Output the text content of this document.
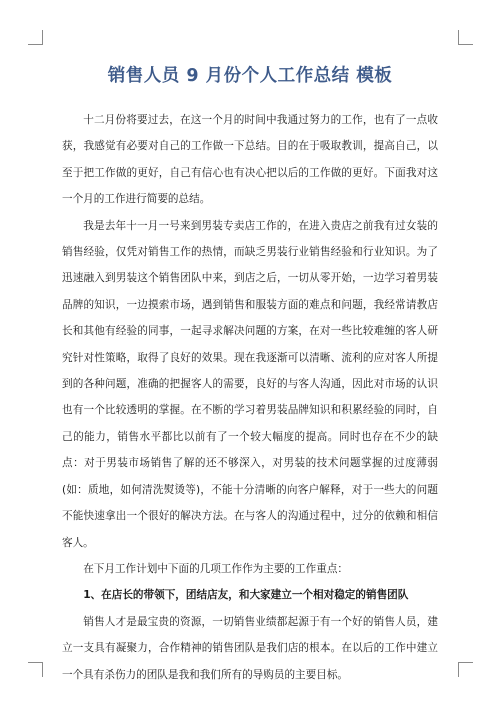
销售人员 9 月份个人工作总结 模板

十二月份将要过去，在这一个月的时间中我通过努力的工作，也有了一点收获，我感觉有必要对自己的工作做一下总结。目的在于吸取教训，提高自己，以至于把工作做的更好，自己有信心也有决心把以后的工作做的更好。下面我对这一个月的工作进行简要的总结。

我是去年十一月一号来到男装专卖店工作的，在进入贵店之前我有过女装的销售经验，仅凭对销售工作的热情，而缺乏男装行业销售经验和行业知识。为了迅速融入到男装这个销售团队中来，到店之后，一切从零开始，一边学习着男装品牌的知识，一边摸索市场，遇到销售和服装方面的难点和问题，我经常请教店长和其他有经验的同事，一起寻求解决问题的方案，在对一些比较难缠的客人研究针对性策略，取得了良好的效果。现在我逐渐可以清晰、流利的应对客人所提到的各种问题，准确的把握客人的需要，良好的与客人沟通，因此对市场的认识也有一个比较透明的掌握。在不断的学习着男装品牌知识和积累经验的同时，自己的能力，销售水平都比以前有了一个较大幅度的提高。同时也存在不少的缺点：对于男装市场销售了解的还不够深入，对男装的技术问题掌握的过度薄弱(如：质地，如何清洗熨烫等)，不能十分清晰的向客户解释，对于一些大的问题不能快速拿出一个很好的解决方法。在与客人的沟通过程中，过分的依赖和相信客人。

在下月工作计划中下面的几项工作作为主要的工作重点：

1、在店长的带领下，团结店友，和大家建立一个相对稳定的销售团队

销售人才是最宝贵的资源，一切销售业绩都起源于有一个好的销售人员，建立一支具有凝聚力，合作精神的销售团队是我们店的根本。在以后的工作中建立一个具有杀伤力的团队是我和我们所有的导购员的主要目标。
